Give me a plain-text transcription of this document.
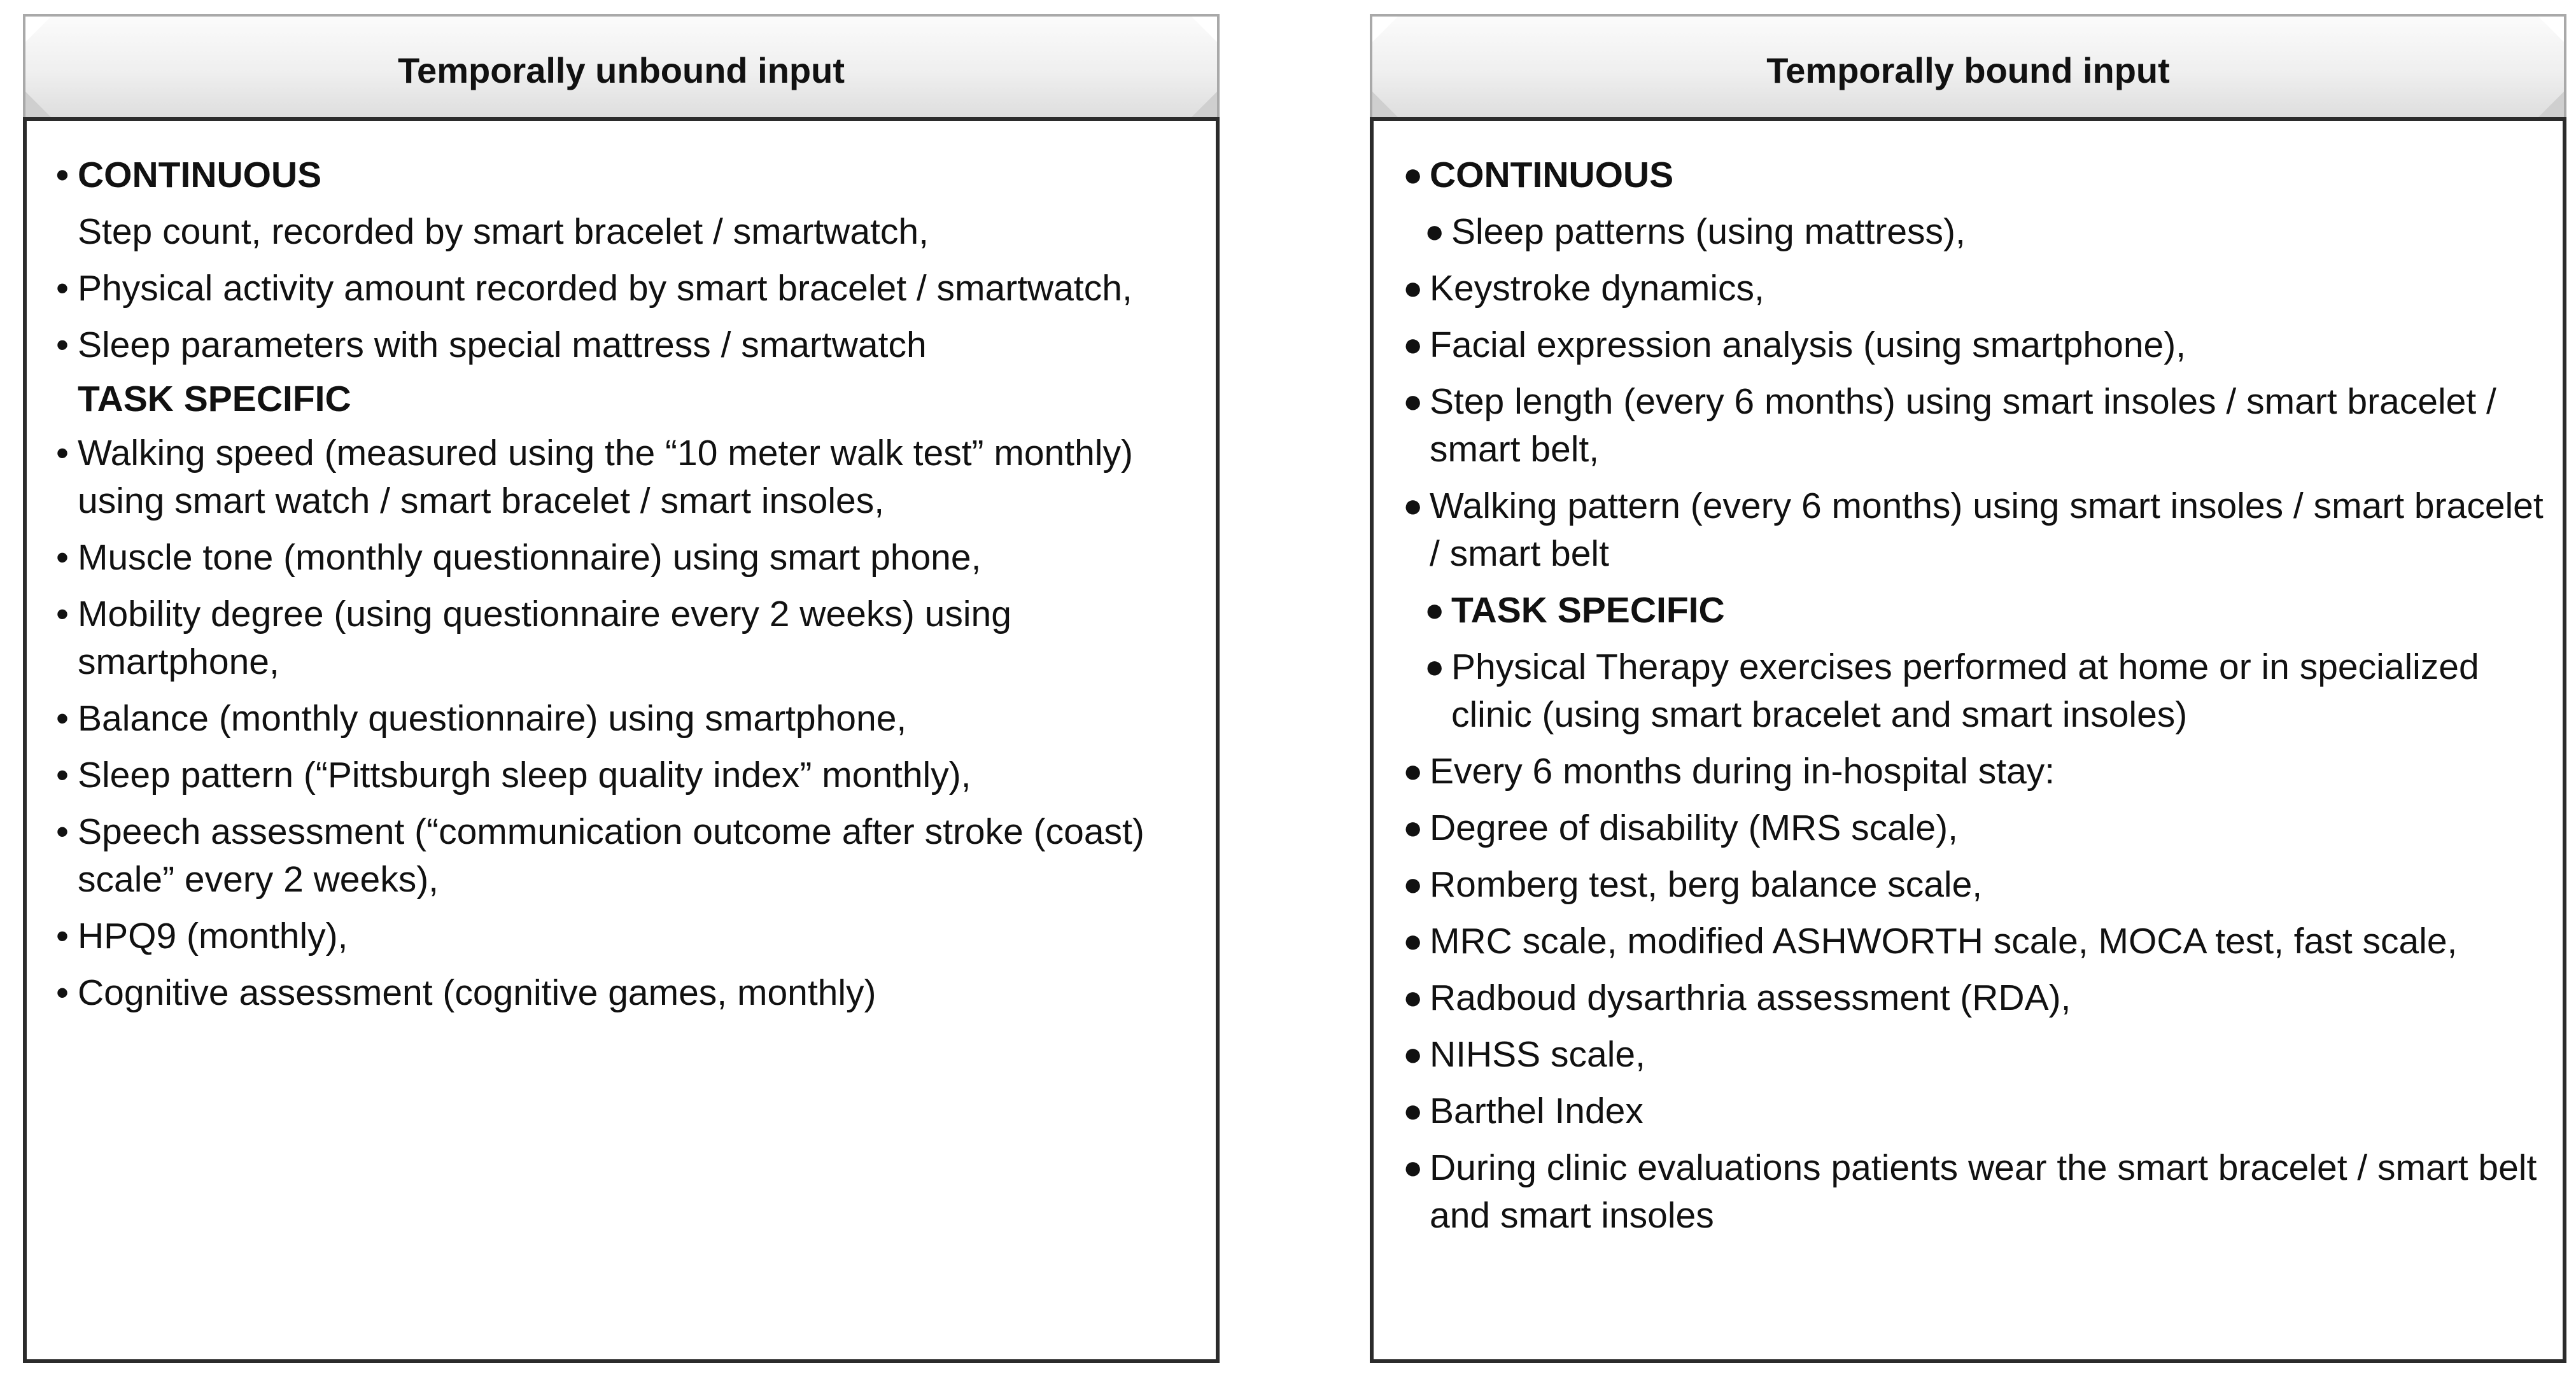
Temporally unbound input
• CONTINUOUS
Step count, recorded by smart bracelet / smartwatch,
• Physical activity amount recorded by smart bracelet / smartwatch,
• Sleep parameters with special mattress / smartwatch
TASK SPECIFIC
• Walking speed (measured using the “10 meter walk test” monthly) using smart watch / smart bracelet / smart insoles,
• Muscle tone (monthly questionnaire) using smart phone,
• Mobility degree (using questionnaire every 2 weeks) using smartphone,
• Balance (monthly questionnaire) using smartphone,
• Sleep pattern (“Pittsburgh sleep quality index” monthly),
• Speech assessment (“communication outcome after stroke (coast) scale” every 2 weeks),
• HPQ9 (monthly),
• Cognitive assessment (cognitive games, monthly)
Temporally bound input
● CONTINUOUS
● Sleep patterns (using mattress),
● Keystroke dynamics,
● Facial expression analysis (using smartphone),
● Step length (every 6 months) using smart insoles / smart bracelet / smart belt,
● Walking pattern (every 6 months) using smart insoles / smart bracelet / smart belt
● TASK SPECIFIC
● Physical Therapy exercises performed at home or in specialized clinic (using smart bracelet and smart insoles)
● Every 6 months during in-hospital stay:
● Degree of disability (MRS scale),
● Romberg test, berg balance scale,
● MRC scale, modified ASHWORTH scale, MOCA test, fast scale,
● Radboud dysarthria assessment (RDA),
● NIHSS scale,
● Barthel Index
● During clinic evaluations patients wear the smart bracelet / smart belt and smart insoles
